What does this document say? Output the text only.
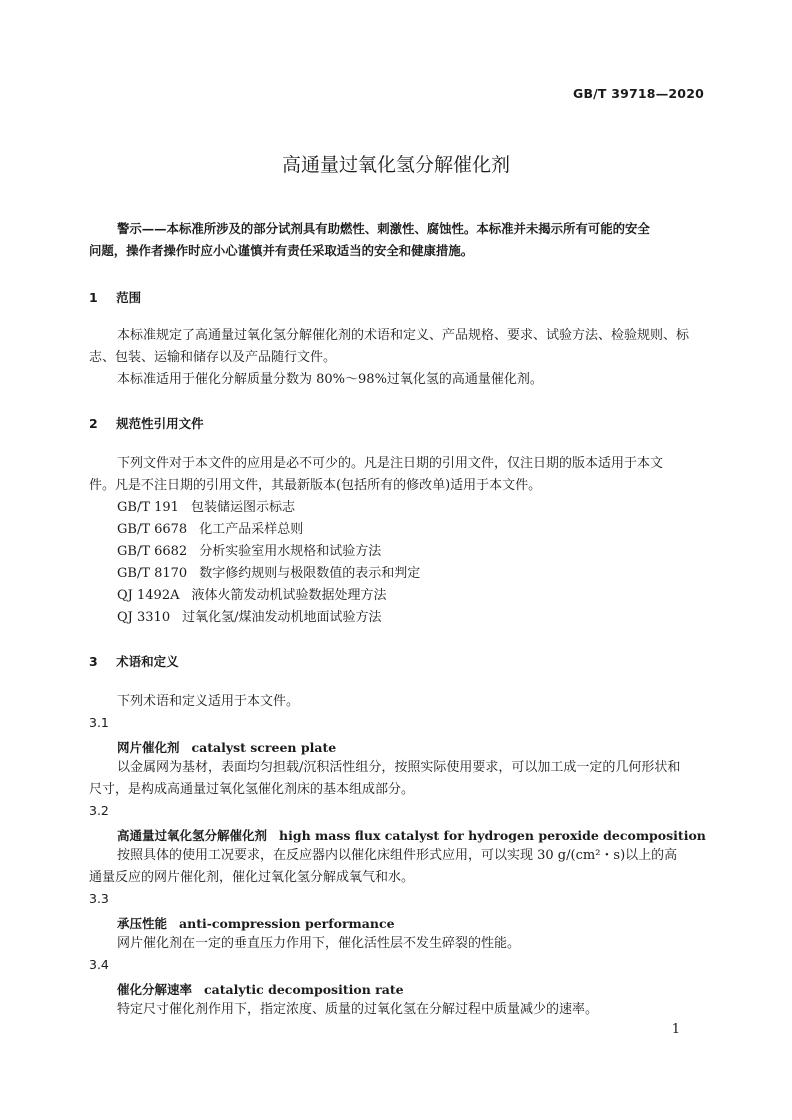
GB/T 39718—2020
高通量过氧化氢分解催化剂
警示——本标准所涉及的部分试剂具有助燃性、刺激性、腐蚀性。本标准并未揭示所有可能的安全
问题，操作者操作时应小心谨慎并有责任采取适当的安全和健康措施。
1 范围
本标准规定了高通量过氧化氢分解催化剂的术语和定义、产品规格、要求、试验方法、检验规则、标
志、包装、运输和储存以及产品随行文件。
本标准适用于催化分解质量分数为 80%～98%过氧化氢的高通量催化剂。
2 规范性引用文件
下列文件对于本文件的应用是必不可少的。凡是注日期的引用文件，仅注日期的版本适用于本文
件。凡是不注日期的引用文件，其最新版本(包括所有的修改单)适用于本文件。
GB/T 191 包装储运图示标志
GB/T 6678 化工产品采样总则
GB/T 6682 分析实验室用水规格和试验方法
GB/T 8170 数字修约规则与极限数值的表示和判定
QJ 1492A 液体火箭发动机试验数据处理方法
QJ 3310 过氧化氢/煤油发动机地面试验方法
3 术语和定义
下列术语和定义适用于本文件。
3.1
网片催化剂 catalyst screen plate
以金属网为基材，表面均匀担载/沉积活性组分，按照实际使用要求，可以加工成一定的几何形状和
尺寸，是构成高通量过氧化氢催化剂床的基本组成部分。
3.2
高通量过氧化氢分解催化剂 high mass flux catalyst for hydrogen peroxide decomposition
按照具体的使用工况要求，在反应器内以催化床组件形式应用，可以实现 30 g/(cm²・s)以上的高
通量反应的网片催化剂，催化过氧化氢分解成氧气和水。
3.3
承压性能 anti-compression performance
网片催化剂在一定的垂直压力作用下，催化活性层不发生碎裂的性能。
3.4
催化分解速率 catalytic decomposition rate
特定尺寸催化剂作用下，指定浓度、质量的过氧化氢在分解过程中质量减少的速率。
1
